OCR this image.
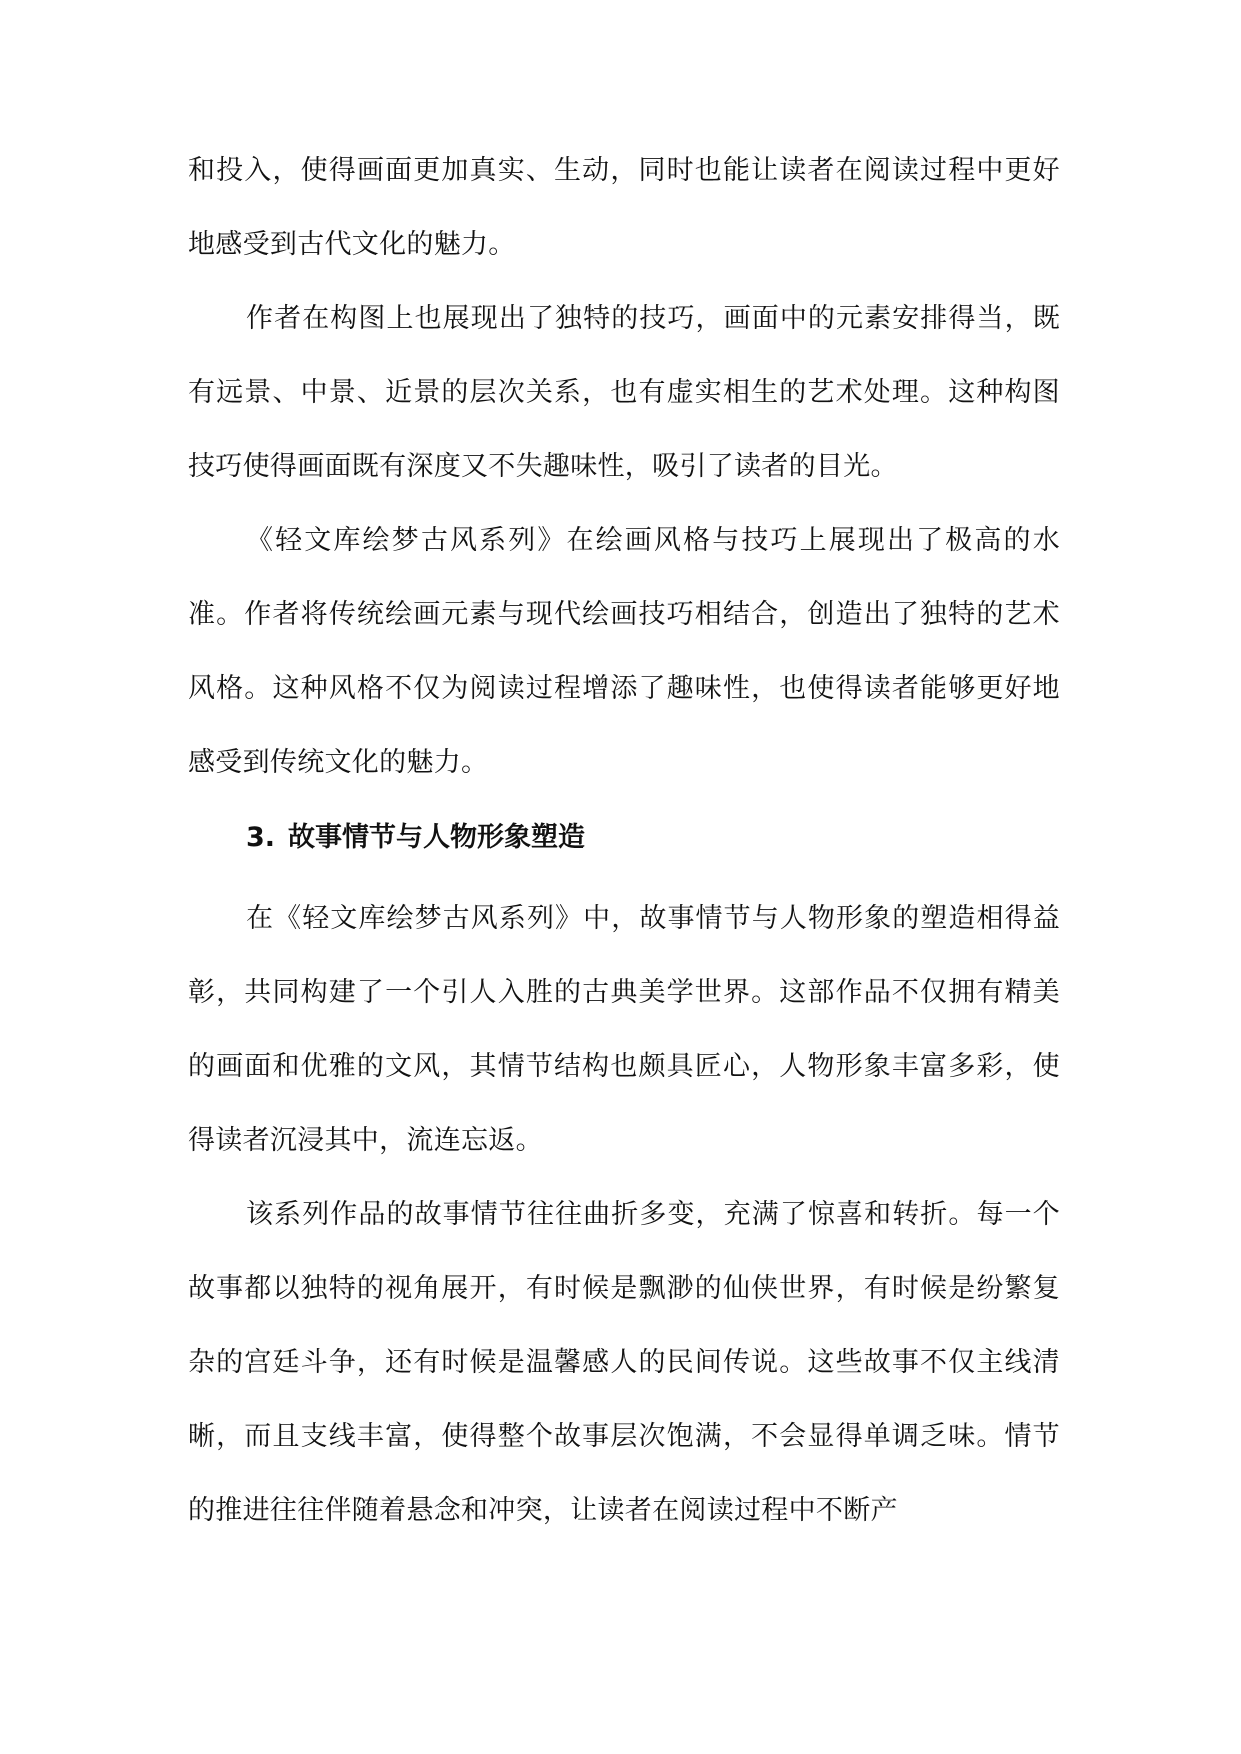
和投入，使得画面更加真实、生动，同时也能让读者在阅读过程中更好地感受到古代文化的魅力。

作者在构图上也展现出了独特的技巧，画面中的元素安排得当，既有远景、中景、近景的层次关系，也有虚实相生的艺术处理。这种构图技巧使得画面既有深度又不失趣味性，吸引了读者的目光。

《轻文库绘梦古风系列》在绘画风格与技巧上展现出了极高的水准。作者将传统绘画元素与现代绘画技巧相结合，创造出了独特的艺术风格。这种风格不仅为阅读过程增添了趣味性，也使得读者能够更好地感受到传统文化的魅力。

3. 故事情节与人物形象塑造

在《轻文库绘梦古风系列》中，故事情节与人物形象的塑造相得益彰，共同构建了一个引人入胜的古典美学世界。这部作品不仅拥有精美的画面和优雅的文风，其情节结构也颇具匠心，人物形象丰富多彩，使得读者沉浸其中，流连忘返。

该系列作品的故事情节往往曲折多变，充满了惊喜和转折。每一个故事都以独特的视角展开，有时候是飘渺的仙侠世界，有时候是纷繁复杂的宫廷斗争，还有时候是温馨感人的民间传说。这些故事不仅主线清晰，而且支线丰富，使得整个故事层次饱满，不会显得单调乏味。情节的推进往往伴随着悬念和冲突，让读者在阅读过程中不断产
